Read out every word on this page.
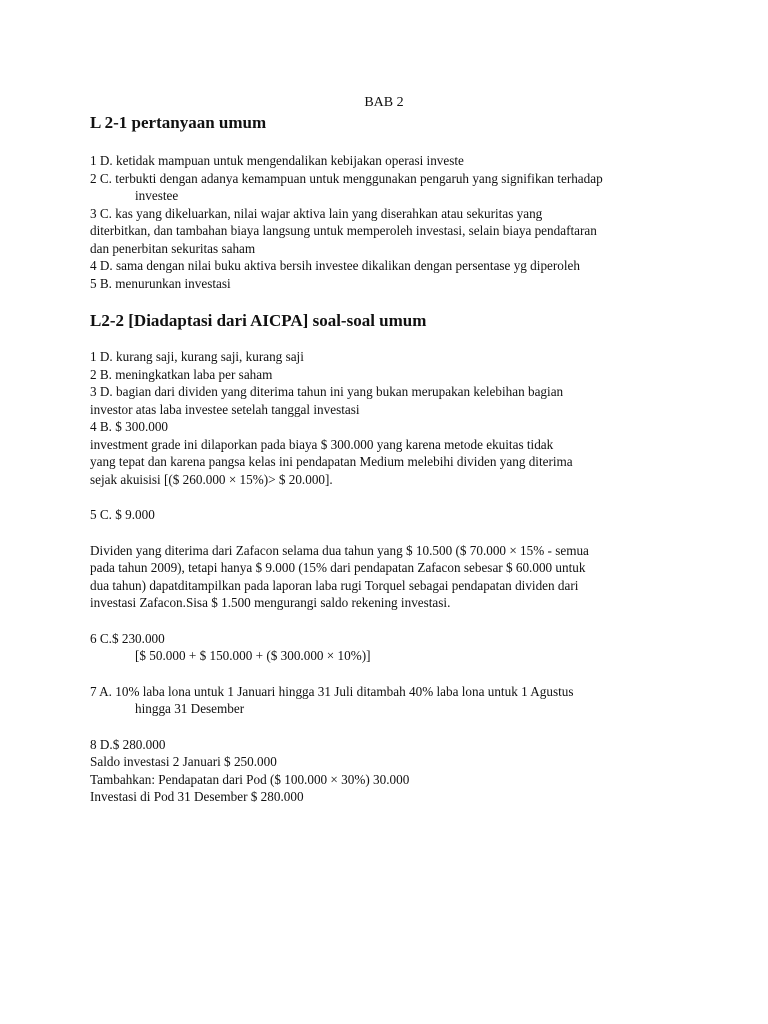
BAB 2
L 2-1 pertanyaan umum
1 D. ketidak mampuan untuk mengendalikan kebijakan operasi investe
2 C. terbukti dengan adanya kemampuan untuk menggunakan pengaruh yang signifikan terhadap
investee
3 C. kas yang dikeluarkan, nilai wajar aktiva lain yang diserahkan atau sekuritas yang
diterbitkan, dan tambahan biaya langsung untuk memperoleh investasi, selain biaya pendaftaran
dan penerbitan sekuritas saham
4 D. sama dengan nilai buku aktiva bersih investee dikalikan dengan persentase yg diperoleh
5 B. menurunkan investasi
L2-2 [Diadaptasi dari AICPA] soal-soal umum
1 D. kurang saji, kurang saji, kurang saji
2 B. meningkatkan laba per saham
3 D. bagian dari dividen yang diterima tahun ini yang bukan merupakan kelebihan bagian
investor atas laba investee setelah tanggal investasi
4 B. $ 300.000
investment grade ini dilaporkan pada biaya $ 300.000 yang karena metode ekuitas tidak
yang tepat dan karena pangsa kelas ini pendapatan Medium melebihi dividen yang diterima
sejak akuisisi [($ 260.000 × 15%)> $ 20.000].
5 C. $ 9.000
Dividen yang diterima dari Zafacon selama dua tahun yang $ 10.500 ($ 70.000 × 15% - semua
pada tahun 2009), tetapi hanya $ 9.000 (15% dari pendapatan Zafacon sebesar $ 60.000 untuk
dua tahun) dapatditampilkan pada laporan laba rugi Torquel sebagai pendapatan dividen dari
investasi Zafacon.Sisa $ 1.500 mengurangi saldo rekening investasi.
6 C.$ 230.000
[$ 50.000 + $ 150.000 + ($ 300.000 × 10%)]
7 A. 10% laba lona untuk 1 Januari hingga 31 Juli ditambah 40% laba lona untuk 1 Agustus
hingga 31 Desember
8 D.$ 280.000
Saldo investasi 2 Januari $ 250.000
Tambahkan: Pendapatan dari Pod ($ 100.000 × 30%) 30.000
Investasi di Pod 31 Desember $ 280.000
